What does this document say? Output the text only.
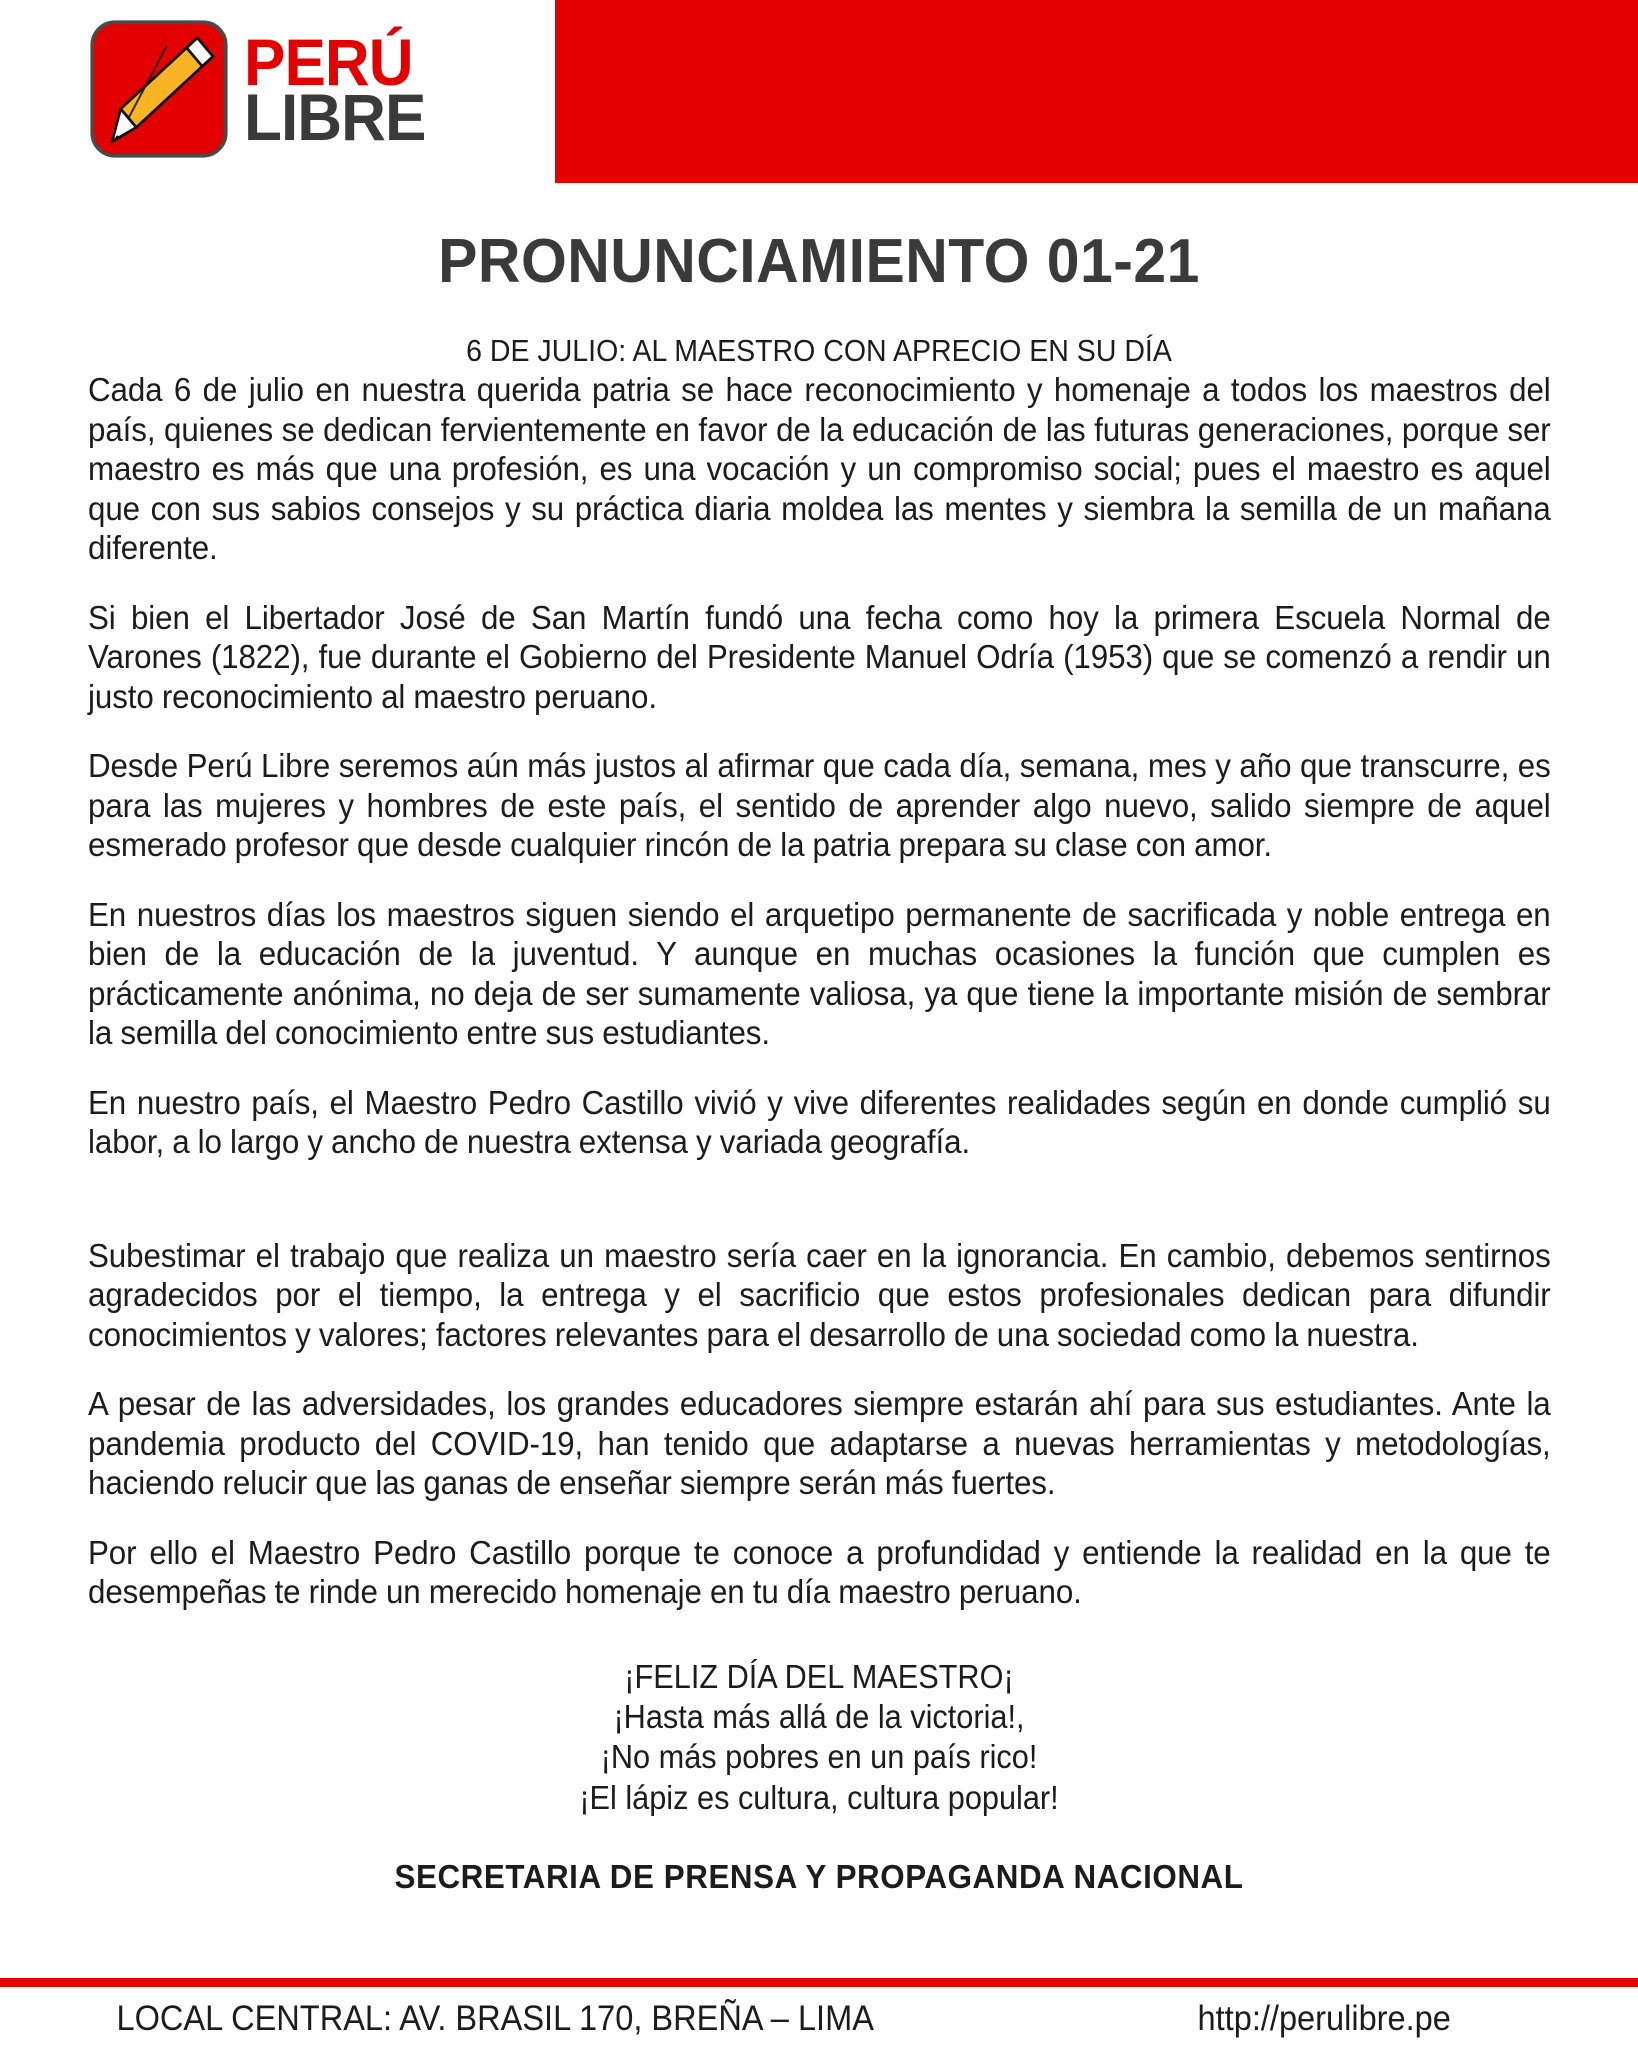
PERÚ
LIBRE
PRONUNCIAMIENTO 01-21
6 DE JULIO: AL MAESTRO CON APRECIO EN SU DÍA

Cada 6 de julio en nuestra querida patria se hace reconocimiento y homenaje a todos los maestros del país, quienes se dedican fervientemente en favor de la educación de las futuras generaciones, porque ser maestro es más que una profesión, es una vocación y un compromiso social; pues el maestro es aquel que con sus sabios consejos y su práctica diaria moldea las mentes y siembra la semilla de un mañana diferente.

Si bien el Libertador José de San Martín fundó una fecha como hoy la primera Escuela Normal de Varones (1822), fue durante el Gobierno del Presidente Manuel Odría (1953) que se comenzó a rendir un justo reconocimiento al maestro peruano.

Desde Perú Libre seremos aún más justos al afirmar que cada día, semana, mes y año que transcurre, es para las mujeres y hombres de este país, el sentido de aprender algo nuevo, salido siempre de aquel esmerado profesor que desde cualquier rincón de la patria prepara su clase con amor.

En nuestros días los maestros siguen siendo el arquetipo permanente de sacrificada y noble entrega en bien de la educación de la juventud. Y aunque en muchas ocasiones la función que cumplen es prácticamente anónima, no deja de ser sumamente valiosa, ya que tiene la importante misión de sembrar la semilla del conocimiento entre sus estudiantes.

En nuestro país, el Maestro Pedro Castillo vivió y vive diferentes realidades según en donde cumplió su labor, a lo largo y ancho de nuestra extensa y variada geografía.

Subestimar el trabajo que realiza un maestro sería caer en la ignorancia. En cambio, debemos sentirnos agradecidos por el tiempo, la entrega y el sacrificio que estos profesionales dedican para difundir conocimientos y valores; factores relevantes para el desarrollo de una sociedad como la nuestra.

A pesar de las adversidades, los grandes educadores siempre estarán ahí para sus estudiantes. Ante la pandemia producto del COVID-19, han tenido que adaptarse a nuevas herramientas y metodologías, haciendo relucir que las ganas de enseñar siempre serán más fuertes.

Por ello el Maestro Pedro Castillo porque te conoce a profundidad y entiende la realidad en la que te desempeñas te rinde un merecido homenaje en tu día maestro peruano.

¡FELIZ DÍA DEL MAESTRO¡
¡Hasta más allá de la victoria!,
¡No más pobres en un país rico!
¡El lápiz es cultura, cultura popular!
SECRETARIA DE PRENSA Y PROPAGANDA NACIONAL
LOCAL CENTRAL: AV. BRASIL 170, BREÑA – LIMA	http://perulibre.pe
